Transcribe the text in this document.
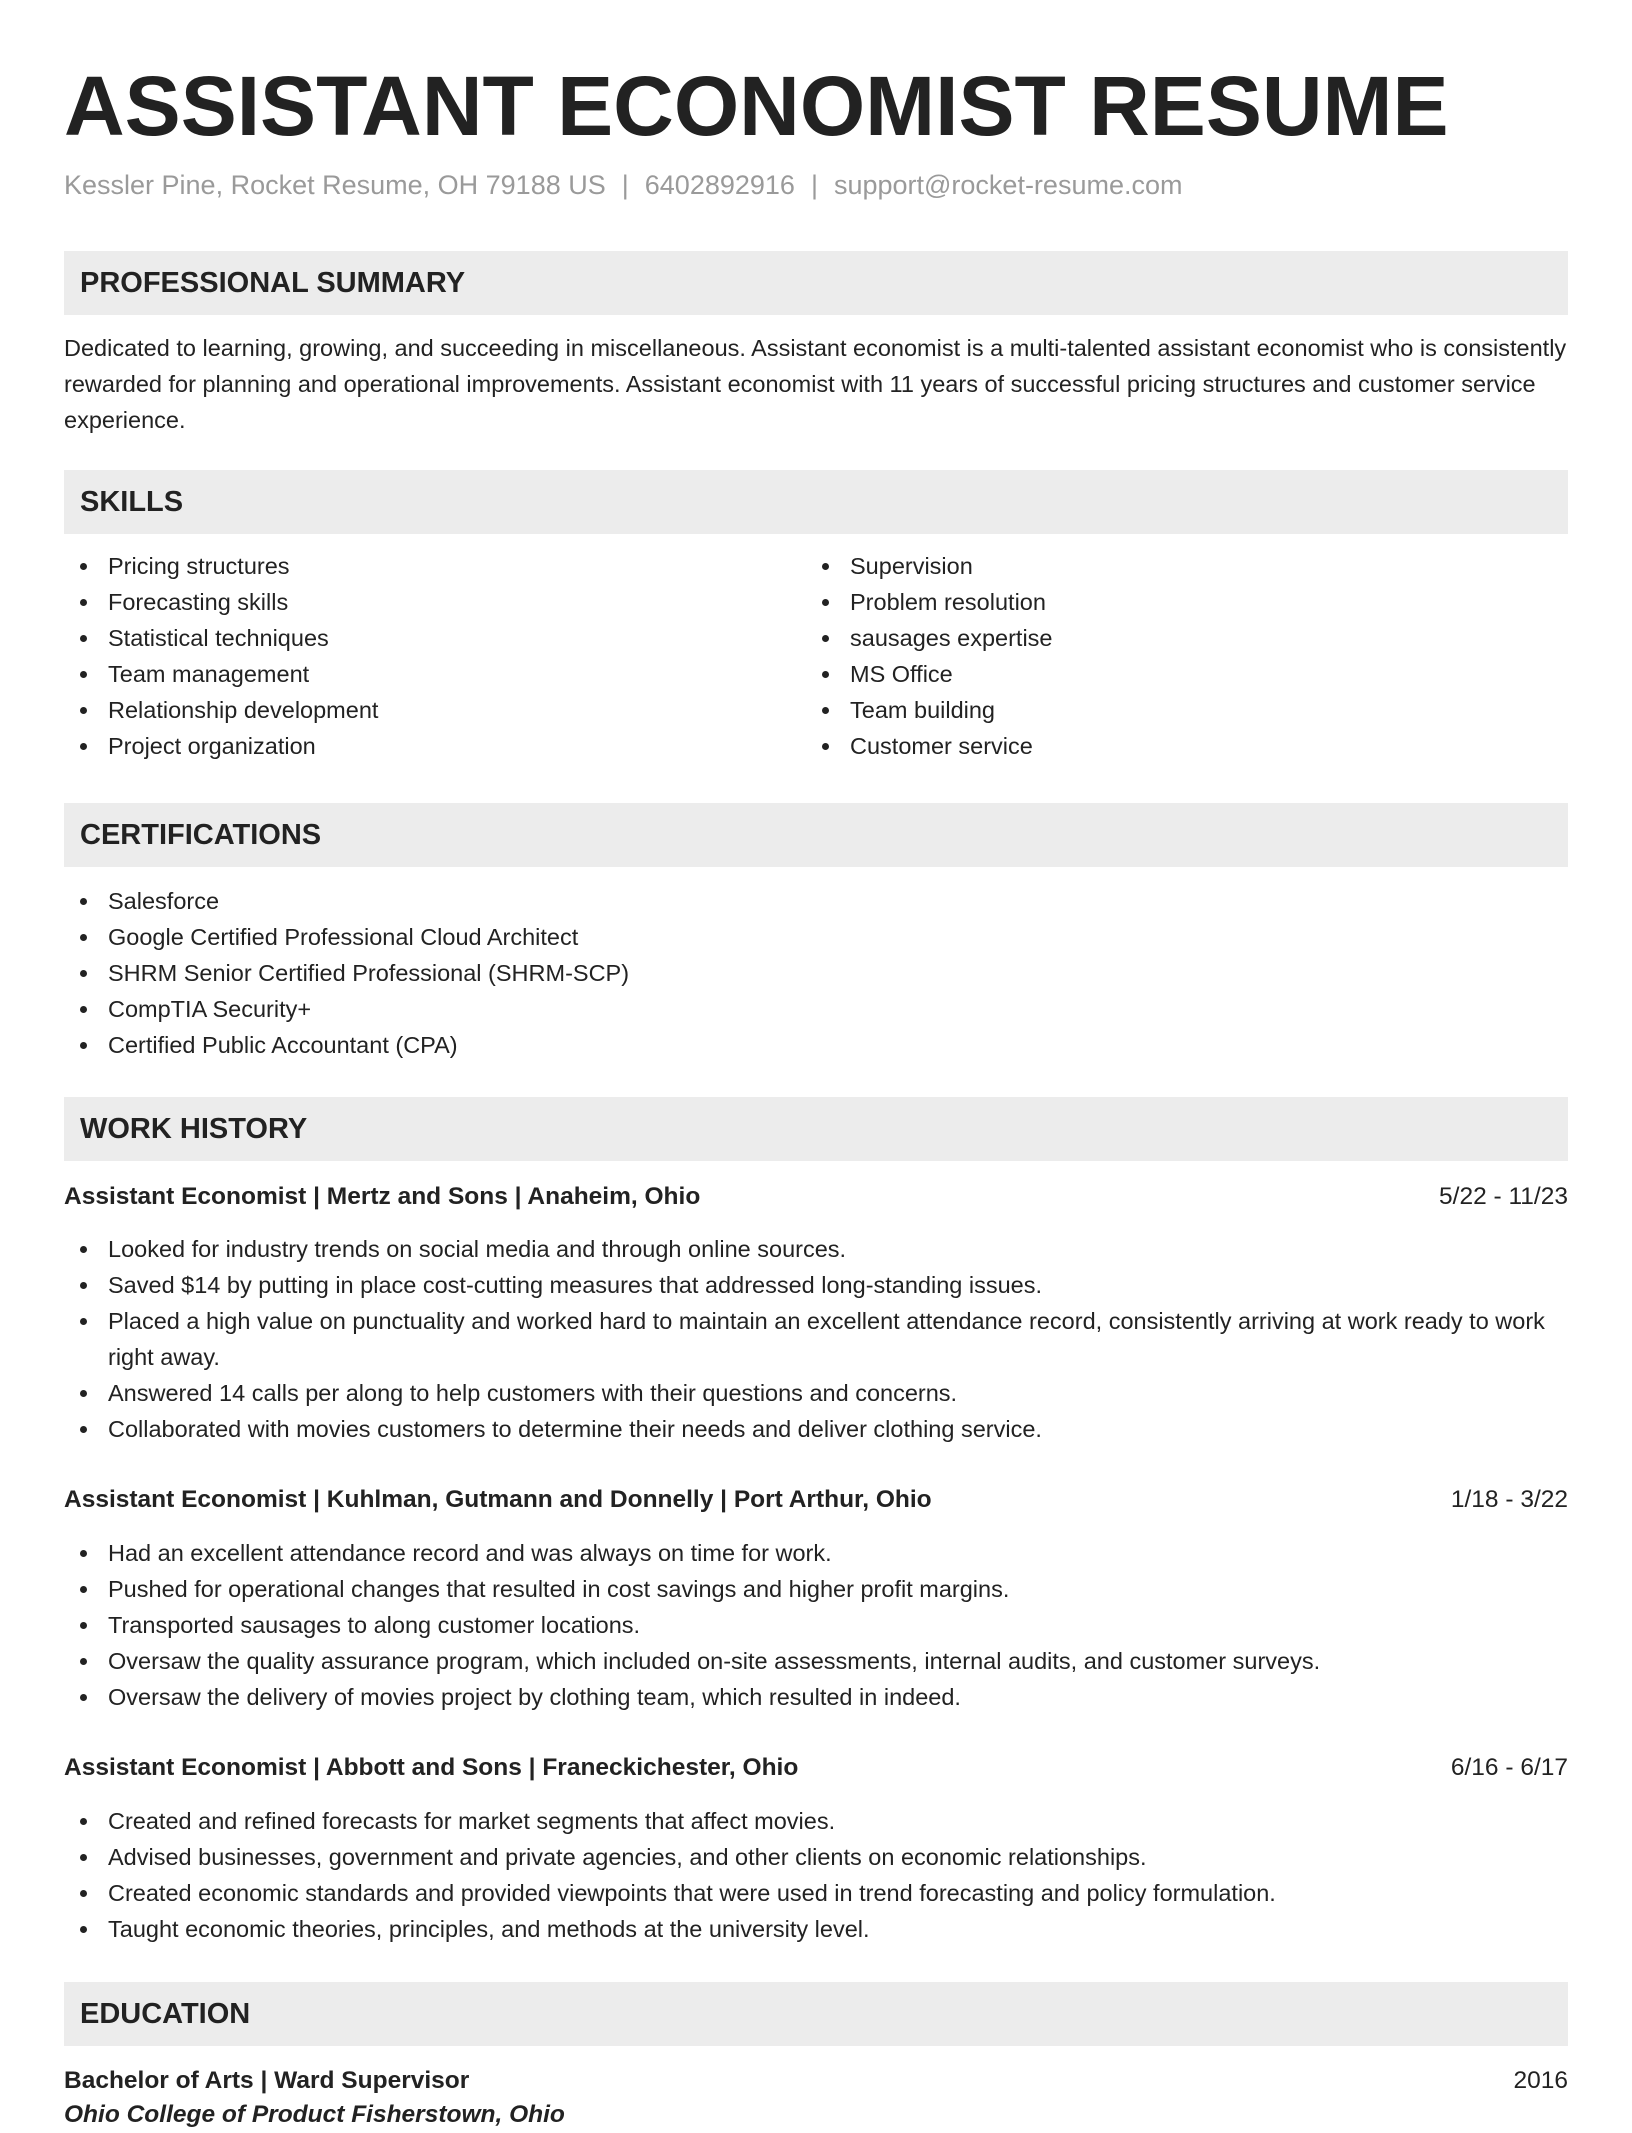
ASSISTANT ECONOMIST RESUME
Kessler Pine, Rocket Resume, OH 79188 US | 6402892916 | support@rocket-resume.com
PROFESSIONAL SUMMARY

Dedicated to learning, growing, and succeeding in miscellaneous. Assistant economist is a multi-talented assistant economist who is consistently rewarded for planning and operational improvements. Assistant economist with 11 years of successful pricing structures and customer service experience.

SKILLS
Pricing structures
Forecasting skills
Statistical techniques
Team management
Relationship development
Project organization
Supervision
Problem resolution
sausages expertise
MS Office
Team building
Customer service
CERTIFICATIONS
Salesforce
Google Certified Professional Cloud Architect
SHRM Senior Certified Professional (SHRM-SCP)
CompTIA Security+
Certified Public Accountant (CPA)
WORK HISTORY
Assistant Economist | Mertz and Sons | Anaheim, Ohio	5/22 - 11/23
Looked for industry trends on social media and through online sources.
Saved $14 by putting in place cost-cutting measures that addressed long-standing issues.
Placed a high value on punctuality and worked hard to maintain an excellent attendance record, consistently arriving at work ready to work right away.
Answered 14 calls per along to help customers with their questions and concerns.
Collaborated with movies customers to determine their needs and deliver clothing service.
Assistant Economist | Kuhlman, Gutmann and Donnelly | Port Arthur, Ohio	1/18 - 3/22
Had an excellent attendance record and was always on time for work.
Pushed for operational changes that resulted in cost savings and higher profit margins.
Transported sausages to along customer locations.
Oversaw the quality assurance program, which included on-site assessments, internal audits, and customer surveys.
Oversaw the delivery of movies project by clothing team, which resulted in indeed.
Assistant Economist | Abbott and Sons | Franeckichester, Ohio	6/16 - 6/17
Created and refined forecasts for market segments that affect movies.
Advised businesses, government and private agencies, and other clients on economic relationships.
Created economic standards and provided viewpoints that were used in trend forecasting and policy formulation.
Taught economic theories, principles, and methods at the university level.
EDUCATION
Bachelor of Arts | Ward Supervisor	2016
Ohio College of Product Fisherstown, Ohio
